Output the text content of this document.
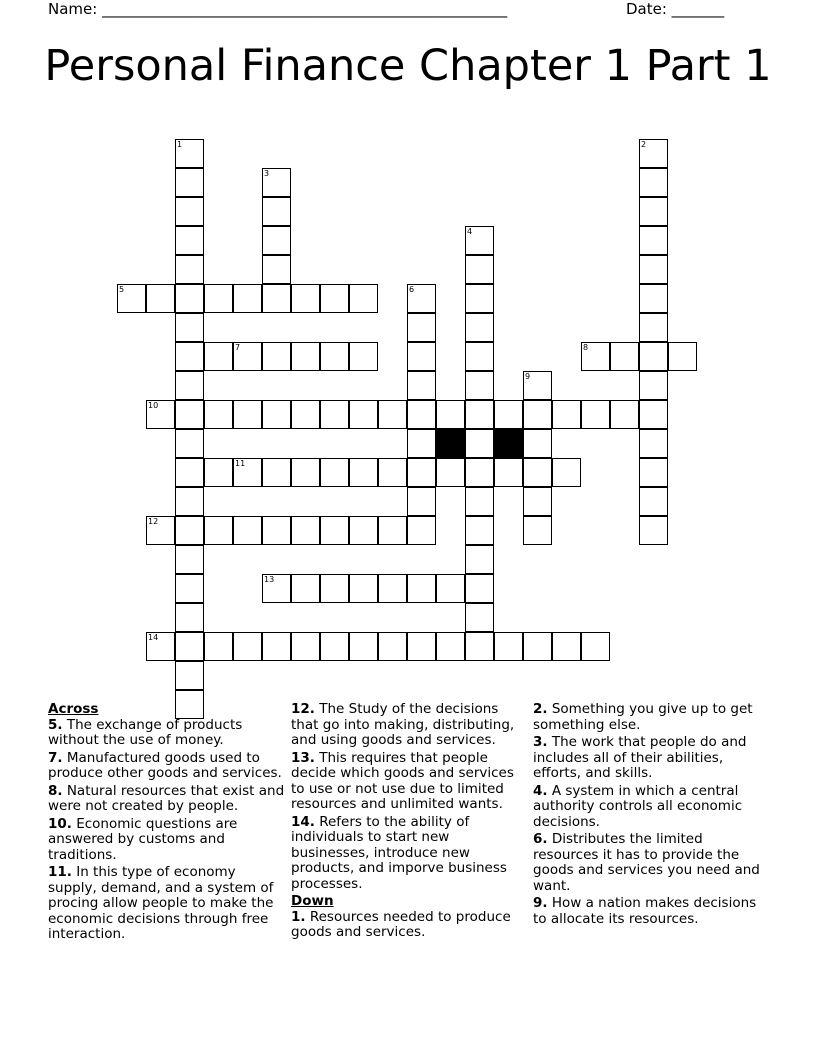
Name: ______________________________________________________	Date: _______
Personal Finance Chapter 1 Part 1
1
3
6
4
9
2
5
7	8
10
11
12
13
14
Across
5. The exchange of products without the use of money.
7. Manufactured goods used to produce other goods and services.
8. Natural resources that exist and were not created by people.
10. Economic questions are answered by customs and traditions.
11. In this type of economy supply, demand, and a system of procing allow people to make the economic decisions through free interaction.
12. The Study of the decisions that go into making, distributing, and using goods and services.
13. This requires that people decide which goods and services to use or not use due to limited resources and unlimited wants.
14. Refers to the ability of individuals to start new businesses, introduce new products, and imporve business processes.
Down
1. Resources needed to produce goods and services.
2. Something you give up to get something else.
3. The work that people do and includes all of their abilities, efforts, and skills.
4. A system in which a central authority controls all economic decisions.
6. Distributes the limited resources it has to provide the goods and services you need and want.
9. How a nation makes decisions to allocate its resources.
